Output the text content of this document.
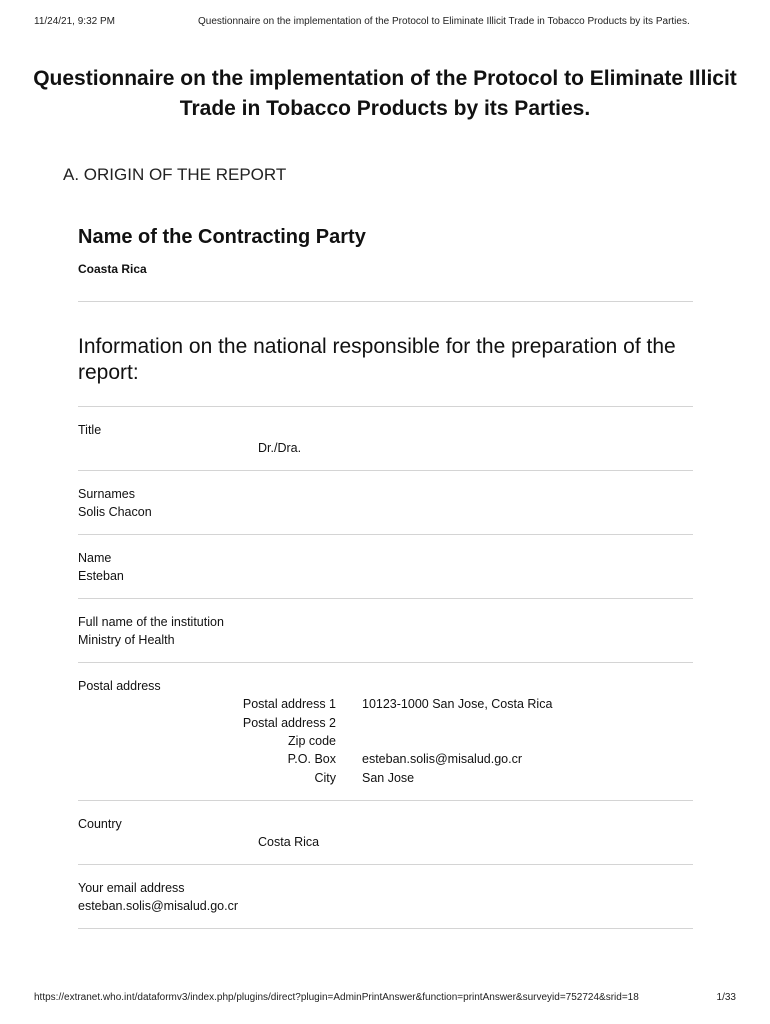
11/24/21, 9:32 PM	Questionnaire on the implementation of the Protocol to Eliminate Illicit Trade in Tobacco Products by its Parties.
Questionnaire on the implementation of the Protocol to Eliminate Illicit Trade in Tobacco Products by its Parties.
A. ORIGIN OF THE REPORT
Name of the Contracting Party
Coasta Rica
Information on the national responsible for the preparation of the report:
Title
Dr./Dra.
Surnames
Solis Chacon
Name
Esteban
Full name of the institution
Ministry of Health
Postal address
Postal address 1 10123-1000 San Jose, Costa Rica
Postal address 2
Zip code
P.O. Box esteban.solis@misalud.go.cr
City San Jose
Country
Costa Rica
Your email address
esteban.solis@misalud.go.cr
https://extranet.who.int/dataformv3/index.php/plugins/direct?plugin=AdminPrintAnswer&function=printAnswer&surveyid=752724&srid=18	1/33
